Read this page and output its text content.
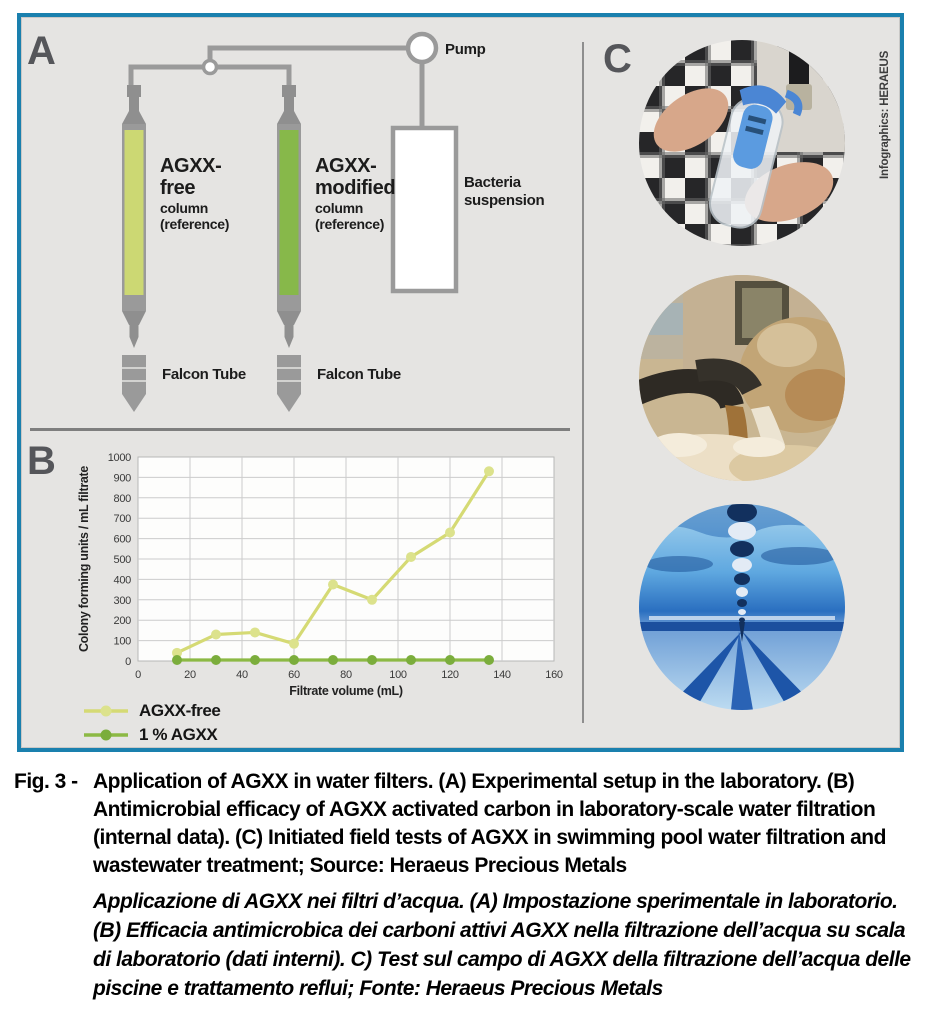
A
B
C
Pump
Bacteria
suspension
AGXX-
free
column
(reference)
Falcon Tube
AGXX-
modified
column
(reference)
Falcon Tube
0
100
200
300
400
500
600
700
800
900
1000
0	20	40	60	80	100	120	140	160
Colony forming units / mL filtrate
Filtrate volume (mL)
AGXX-free
1 % AGXX
Infographics: HERAEUS
Fig. 3 - Application of AGXX in water filters. (A) Experimental setup in the laboratory. (B) Antimicrobial efficacy of AGXX activated carbon in laboratory-scale water filtration (internal data). (C) Initiated field tests of AGXX in swimming pool water filtration and wastewater treatment; Source: Heraeus Precious Metals
Applicazione di AGXX nei filtri d’acqua. (A) Impostazione sperimentale in laboratorio. (B) Efficacia antimicrobica dei carboni attivi AGXX nella filtrazione dell’acqua su scala di laboratorio (dati interni). C) Test sul campo di AGXX della filtrazione dell’acqua delle piscine e trattamento reflui; Fonte: Heraeus Precious Metals
